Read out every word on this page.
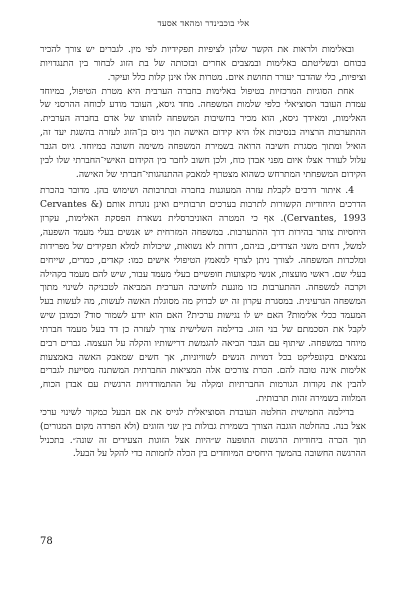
אלי בוכבינדר ומהאד אסעד

ובאלימות ולראות את הקשר שלהן לציפיות תפקידיות לפי מין. לגברים יש צורך להכיר בכוחם ובשליטתם באלימות ובמצבים אחרים ובזכותה של בת הזוג לבחור בין התנגדויות וציפיות, כלי שהדבר יעורר תחושת איום. מטרות אלו אינן קלות כלל ועיקר.

אחת הסוגיות המרכזיות בטיפול באלימות בחברה הערבית היא מטרת הטיפול, במיוחד עמדת העובד הסוציאלי כלפי שלמות המשפחה. מחד גיסא, העובד מודע לכוחה ההרסני של האלימות, ומאידך גיסא, הוא מכיר בחשיבות המשפחה לזהותו של אדם בחברה הערבית. ההתערבות הרצויה בנסיבות אלו היא קידום האישה תוך גיוס בן־הזוג לעזרה בהשגת יעד זה, הואיל ומתוך מסגרת חשיבה הרואה בשמירת המשפחה משימה חשובה במיוחד. גיוס הגבר עלול לעורר אצלו איום מפני אבדן כוח, ולכן חשוב לחבר בין הקידום האישי־החברתי שלו לבין הקידום המשפחתי המתרחש כשהוא מצטרף למאבק ההתנהגותי־חברתי של האישה.

4. איתור דרכים לקבלת עזרה המעוגנות בחברה ובתרבותה ושימוש בהן. מדובר בהכרת הדרכים היחודיות הקשורות לתרבות בערכים תרבותיים ואינן נוגדות אותם (Cervantes & Cervantes, 1993). אף כי המטרה האוניברסלית נשארת הפסקת האלימות, עקרון היחסיות צותר בהירות דרך ההתערבות. במשפחה המזרחית יש אנשים בעלי מעמד השפעה, למשל, דחים משני הצדדים, בניהם, דודות לא נשואות, שיכולות למלא תפקידים של מפרידות ומלכדות המשפחה. לצורך ניתן לצרף למאמץ הטיפולי אישים כמו: קאדים, כמרים, שייחים בעלי שם. ראשי מועצות, אנשי מקצועות חופשיים בעלי מעמד עבור, שיש להם מעמד בקהילה וקרבה למשפחה. ההתערבות כזו מונעת לחשיבה הערכית המביאה לטכניקה לשינוי מתוך המשפחה הגרעינית. במסגרת עקרון זה יש לבדוק מה מסוגלת האשה לעשות, מה לעשות בעל המעמד ככלי אלימות? האם יש לו נגישות ערכית? האם הוא יודע לשמור סוד? וכמובן שיש לקבל את הסכמתם של בני הזוג. בדילמה השלישית צורך לעזרה כן דד בעל מעמד חברתי מיוחד במשפחה. שיתוף עם הגבר הביאה להגמשת דרישותיו והקלה על העצמה. גברים רבים נמצאים בקונפליקט בכל דמויות הנשים לשוויוניות, אך חשים שמאבק האשה באמצעות אלימות אינה טובה להם. הכרת צורכים אלה המציאות החברתית המשתנה מסייעת לגברים להבין את נקודות הגורמות החברתיות ומקלה על ההתמודדויות הרגשית עם אבדן הכוח, המלווה בשמירה זהות תרבותית.

בדילמה החמישית החלטה העובדת הסוציאלית לגייס את אם הבעל כמקור לשינוי ערכי אצל בנה. בהחלטה הוגבה הצורך בשמירת גבולות בין שני הזוגים (ולא הפרדה מקום המגורים) תוך הכרה ביחודיות הרגשות התופעה ש״היות אצל הזוגות הצעירים זה שונה״. בתכניל ההרגשה החשובה בהמשך היחסים המיוחדים בין הכלה לחמותה כדי להקל על הבעל.

78
